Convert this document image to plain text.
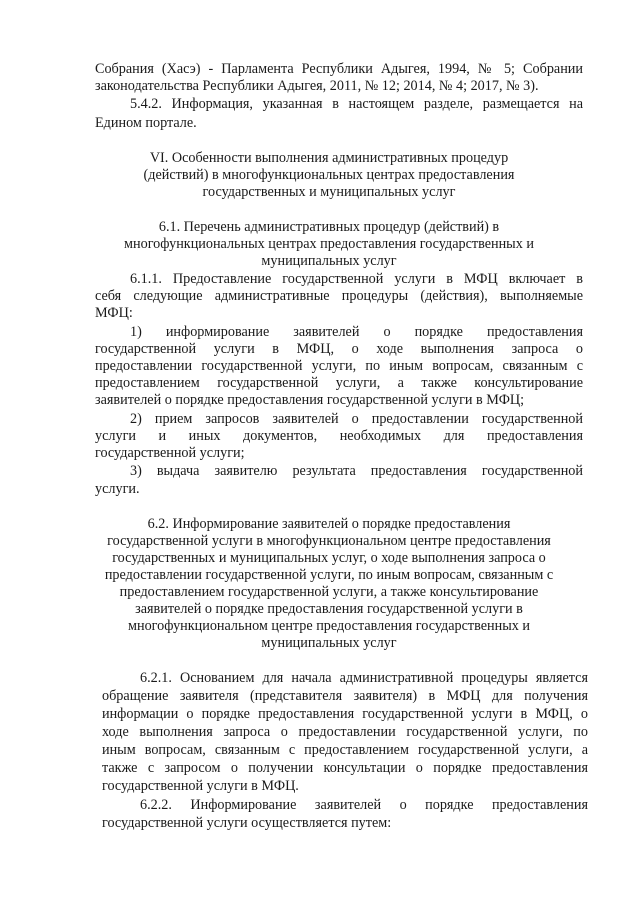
Собрания (Хасэ) - Парламента Республики Адыгея, 1994, № 5; Собрании

законодательства Республики Адыгея, 2011, № 12; 2014, № 4; 2017, № 3).

5.4.2. Информация, указанная в настоящем разделе, размещается на

Едином портале.

VI. Особенности выполнения административных процедур

(действий) в многофункциональных центрах предоставления

государственных и муниципальных услуг

6.1. Перечень административных процедур (действий) в

многофункциональных центрах предоставления государственных и

муниципальных услуг

6.1.1. Предоставление государственной услуги в МФЦ включает в

себя следующие административные процедуры (действия), выполняемые

МФЦ:

1) информирование заявителей о порядке предоставления

государственной услуги в МФЦ, о ходе выполнения запроса о

предоставлении государственной услуги, по иным вопросам, связанным с

предоставлением государственной услуги, а также консультирование

заявителей о порядке предоставления государственной услуги в МФЦ;

2) прием запросов заявителей о предоставлении государственной

услуги и иных документов, необходимых для предоставления

государственной услуги;

3) выдача заявителю результата предоставления государственной

услуги.

6.2. Информирование заявителей о порядке предоставления

государственной услуги в многофункциональном центре предоставления

государственных и муниципальных услуг, о ходе выполнения запроса о

предоставлении государственной услуги, по иным вопросам, связанным с

предоставлением государственной услуги, а также консультирование

заявителей о порядке предоставления государственной услуги в

многофункциональном центре предоставления государственных и

муниципальных услуг

6.2.1. Основанием для начала административной процедуры является

обращение заявителя (представителя заявителя) в МФЦ для получения

информации о порядке предоставления государственной услуги в МФЦ, о

ходе выполнения запроса о предоставлении государственной услуги, по

иным вопросам, связанным с предоставлением государственной услуги, а

также с запросом о получении консультации о порядке предоставления

государственной услуги в МФЦ.

6.2.2. Информирование заявителей о порядке предоставления

государственной услуги осуществляется путем:
